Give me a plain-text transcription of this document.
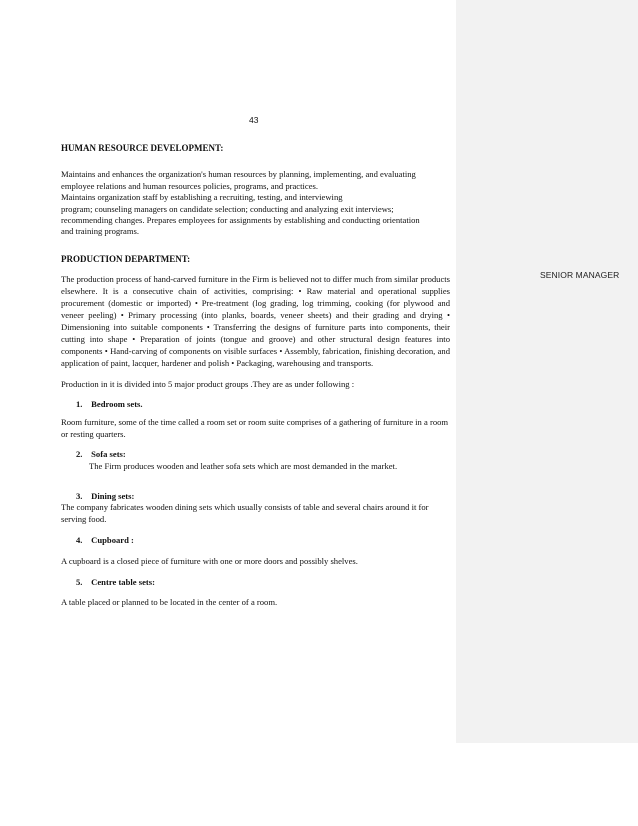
SENIOR MANAGER
43

HUMAN RESOURCE DEVELOPMENT:

Maintains and enhances the organization's human resources by planning, implementing, and evaluating
employee relations and human resources policies, programs, and practices.
Maintains organization staff by establishing a recruiting, testing, and interviewing
program; counseling managers on candidate selection; conducting and analyzing exit interviews;
recommending changes. Prepares employees for assignments by establishing and conducting orientation
and training programs.

PRODUCTION DEPARTMENT:

The production process of hand-carved furniture in the Firm is believed not to differ much from similar products elsewhere. It is a consecutive chain of activities, comprising: • Raw material and operational supplies procurement (domestic or imported) • Pre-treatment (log grading, log trimming, cooking (for plywood and veneer peeling) • Primary processing (into planks, boards, veneer sheets) and their grading and drying • Dimensioning into suitable components • Transferring the designs of furniture parts into components, their cutting into shape • Preparation of joints (tongue and groove) and other structural design features into components • Hand-carving of components on visible surfaces • Assembly, fabrication, finishing decoration, and application of paint, lacquer, hardener and polish • Packaging, warehousing and transports.

Production in it is divided into 5 major product groups .They are as under following :

1. Bedroom sets.

Room furniture, some of the time called a room set or room suite comprises of a gathering of furniture in a room or resting quarters.

2. Sofa sets:

The Firm produces wooden and leather sofa sets which are most demanded in the market.

3. Dining sets:

The company fabricates wooden dining sets which usually consists of table and several chairs around it for serving food.

4. Cupboard :

A cupboard is a closed piece of furniture with one or more doors and possibly shelves.

5. Centre table sets:

A table placed or planned to be located in the center of a room.
